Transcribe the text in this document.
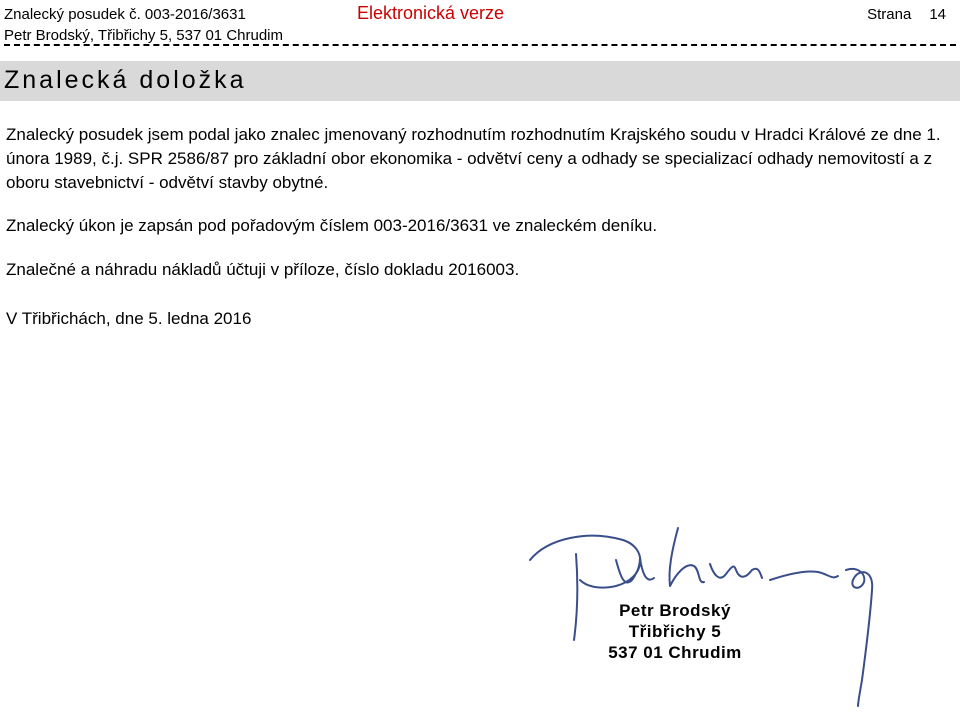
Znalecký posudek č. 003-2016/3631
Petr Brodský, Třibřichy 5, 537 01 Chrudim
Elektronická verze	Strana 14
Znalecká doložka
Znalecký posudek jsem podal jako znalec jmenovaný rozhodnutím rozhodnutím Krajského soudu v Hradci Králové ze dne 1. února 1989, č.j. SPR 2586/87 pro základní obor ekonomika - odvětví ceny a odhady se specializací odhady nemovitostí a z oboru stavebnictví - odvětví stavby obytné.
Znalecký úkon je zapsán pod pořadovým číslem 003-2016/3631 ve znaleckém deníku.
Znalečné a náhradu nákladů účtuji v příloze, číslo dokladu 2016003.
V Třibřichách, dne 5. ledna 2016
Petr Brodský
Třibřichy 5
537 01 Chrudim
